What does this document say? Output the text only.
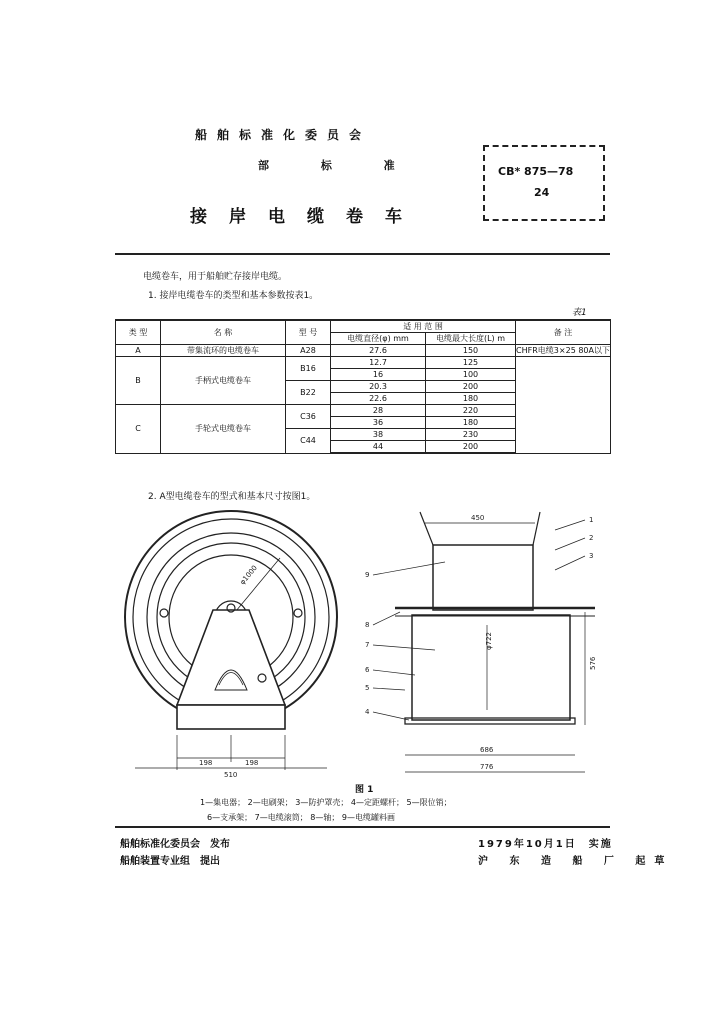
船舶标准化委员会
部 标 准
接岸电缆卷车
CB* 875—78
24
电缆卷车，用于船舶贮存接岸电缆。
1. 接岸电缆卷车的类型和基本参数按表1。
表1
类 型	名 称	型 号	适 用 范 围		备 注
			电缆直径(φ) mm	电缆最大长度(L) m	
A	带集流环的电缆卷车	A28	27.6	150	CHFR电缆3×25 80A以下
B	手柄式电缆卷车	B16	12.7	125	
			16	100	
		B22	20.3	200	
			22.6	180	
C	手轮式电缆卷车	C36	28	220	
			36	180	
		C44	38	230	
			44	200	
2. A型电缆卷车的型式和基本尺寸按图1。
φ1000
198	198
510
450
φ722
576
686
776
1
2
3
4
5
6
7
8
9
图 1
1—集电器； 2—电刷架； 3—防护罩壳； 4—定距螺杆； 5—限位销；
6—支承架； 7—电缆滚筒； 8—轴； 9—电缆罐料画
船舶标准化委员会　发布
船舶装置专业组　提出
1979年10月1日　实施
沪 东 造 船 厂 起草
